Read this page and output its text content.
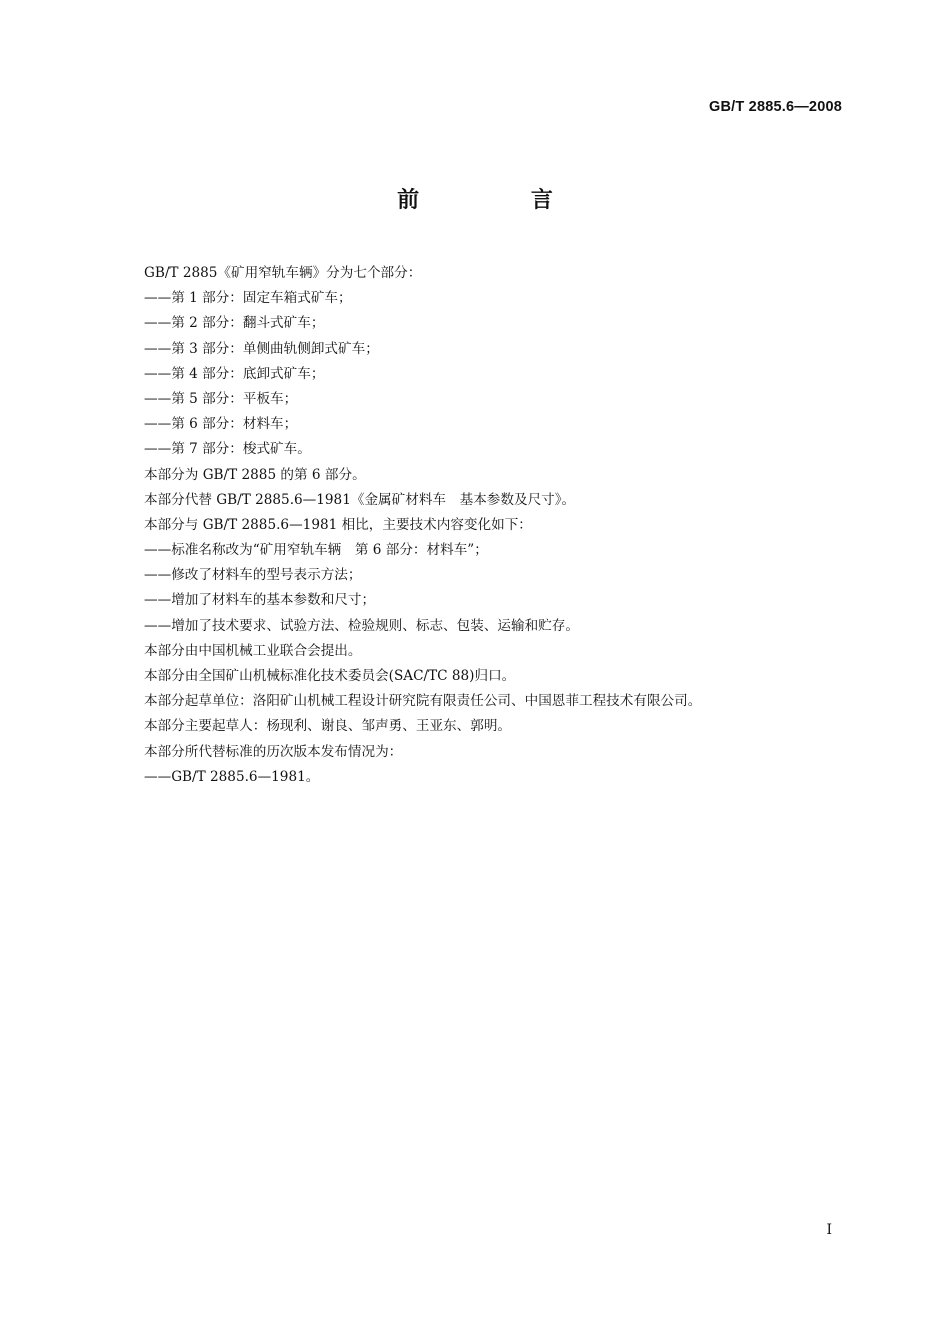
GB/T 2885.6—2008
前 言
GB/T 2885《矿用窄轨车辆》分为七个部分：
——第 1 部分：固定车箱式矿车；
——第 2 部分：翻斗式矿车；
——第 3 部分：单侧曲轨侧卸式矿车；
——第 4 部分：底卸式矿车；
——第 5 部分：平板车；
——第 6 部分：材料车；
——第 7 部分：梭式矿车。
本部分为 GB/T 2885 的第 6 部分。
本部分代替 GB/T 2885.6—1981《金属矿材料车　基本参数及尺寸》。
本部分与 GB/T 2885.6—1981 相比，主要技术内容变化如下：
——标准名称改为“矿用窄轨车辆　第 6 部分：材料车”；
——修改了材料车的型号表示方法；
——增加了材料车的基本参数和尺寸；
——增加了技术要求、试验方法、检验规则、标志、包装、运输和贮存。
本部分由中国机械工业联合会提出。
本部分由全国矿山机械标准化技术委员会(SAC/TC 88)归口。
本部分起草单位：洛阳矿山机械工程设计研究院有限责任公司、中国恩菲工程技术有限公司。
本部分主要起草人：杨现利、谢良、邹声勇、王亚东、郭明。
本部分所代替标准的历次版本发布情况为：
——GB/T 2885.6—1981。
I
